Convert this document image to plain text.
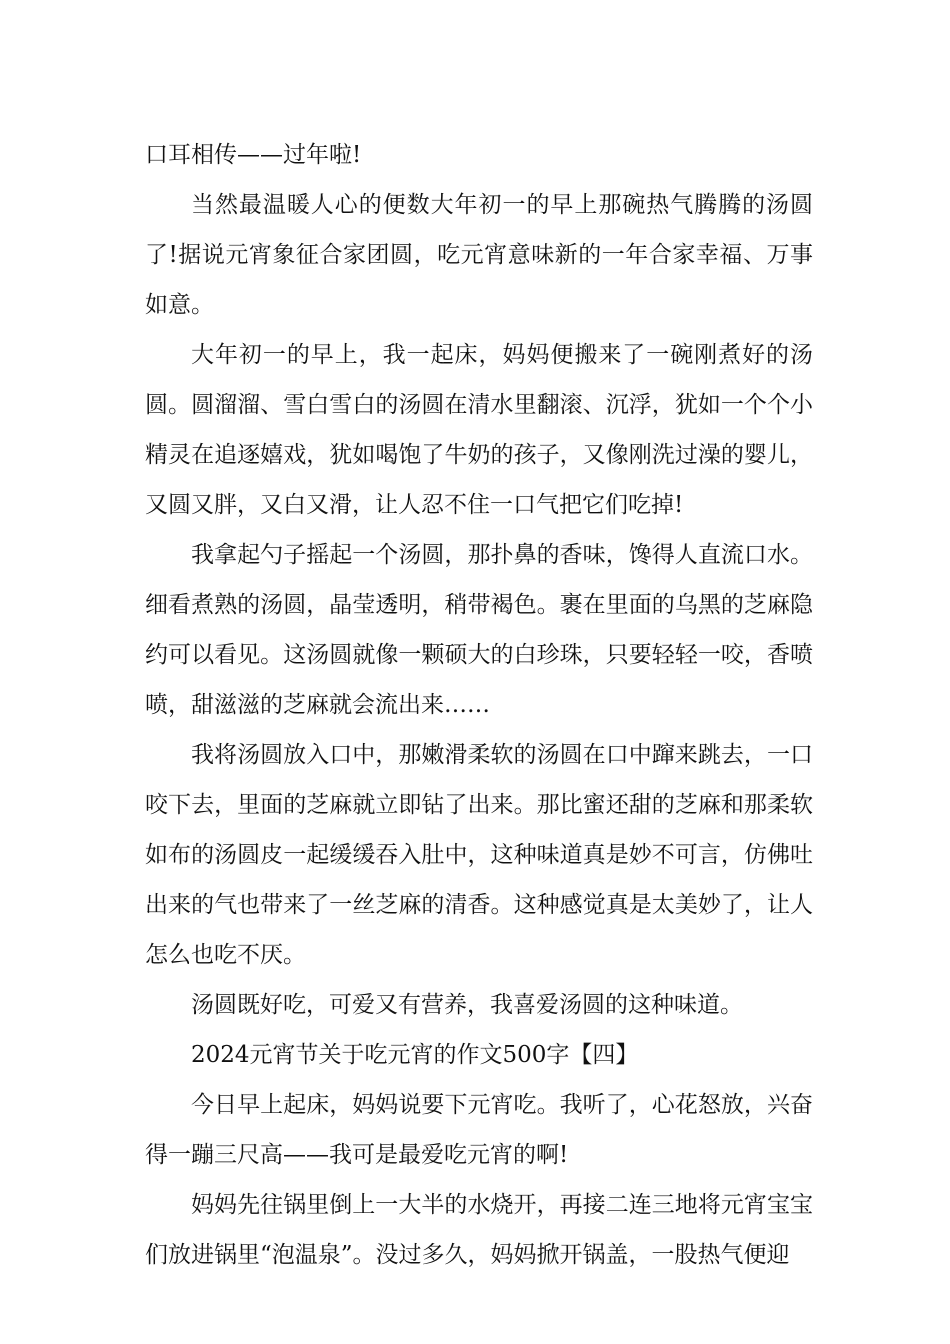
口耳相传——过年啦!

当然最温暖人心的便数大年初一的早上那碗热气腾腾的汤圆了!据说元宵象征合家团圆，吃元宵意味新的一年合家幸福、万事如意。

大年初一的早上，我一起床，妈妈便搬来了一碗刚煮好的汤圆。圆溜溜、雪白雪白的汤圆在清水里翻滚、沉浮，犹如一个个小精灵在追逐嬉戏，犹如喝饱了牛奶的孩子，又像刚洗过澡的婴儿，又圆又胖，又白又滑，让人忍不住一口气把它们吃掉!

我拿起勺子摇起一个汤圆，那扑鼻的香味，馋得人直流口水。细看煮熟的汤圆，晶莹透明，稍带褐色。裹在里面的乌黑的芝麻隐约可以看见。这汤圆就像一颗硕大的白珍珠，只要轻轻一咬，香喷喷，甜滋滋的芝麻就会流出来……

我将汤圆放入口中，那嫩滑柔软的汤圆在口中蹿来跳去，一口咬下去，里面的芝麻就立即钻了出来。那比蜜还甜的芝麻和那柔软如布的汤圆皮一起缓缓吞入肚中，这种味道真是妙不可言，仿佛吐出来的气也带来了一丝芝麻的清香。这种感觉真是太美妙了，让人怎么也吃不厌。

汤圆既好吃，可爱又有营养，我喜爱汤圆的这种味道。

2024元宵节关于吃元宵的作文500字【四】

今日早上起床，妈妈说要下元宵吃。我听了，心花怒放，兴奋得一蹦三尺高——我可是最爱吃元宵的啊!

妈妈先往锅里倒上一大半的水烧开，再接二连三地将元宵宝宝们放进锅里“泡温泉”。没过多久，妈妈掀开锅盖，一股热气便迎
